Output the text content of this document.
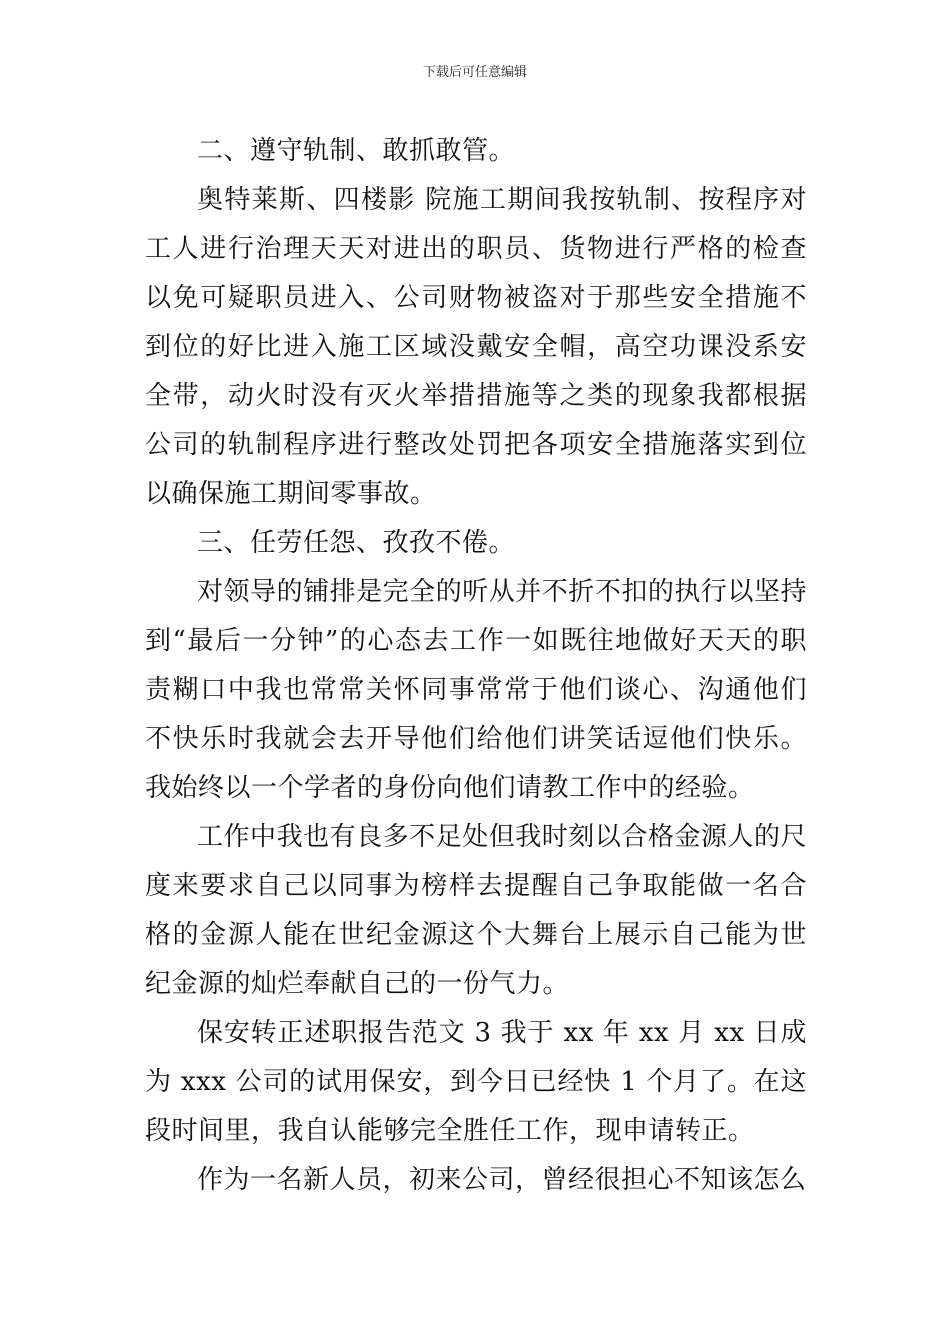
下载后可任意编辑

二、遵守轨制、敢抓敢管。

奥特莱斯、四楼影 院施工期间我按轨制、按程序对工人进行治理天天对进出的职员、货物进行严格的检查以免可疑职员进入、公司财物被盗对于那些安全措施不到位的好比进入施工区域没戴安全帽，高空功课没系安全带，动火时没有灭火举措措施等之类的现象我都根据公司的轨制程序进行整改处罚把各项安全措施落实到位以确保施工期间零事故。

三、任劳任怨、孜孜不倦。

对领导的铺排是完全的听从并不折不扣的执行以坚持到“最后一分钟”的心态去工作一如既往地做好天天的职责糊口中我也常常关怀同事常常于他们谈心、沟通他们不快乐时我就会去开导他们给他们讲笑话逗他们快乐。我始终以一个学者的身份向他们请教工作中的经验。

工作中我也有良多不足处但我时刻以合格金源人的尺度来要求自己以同事为榜样去提醒自己争取能做一名合格的金源人能在世纪金源这个大舞台上展示自己能为世纪金源的灿烂奉献自己的一份气力。

保安转正述职报告范文 3 我于 xx 年 xx 月 xx 日成为 xxx 公司的试用保安，到今日已经快 1 个月了。在这段时间里，我自认能够完全胜任工作，现申请转正。

作为一名新人员，初来公司，曾经很担心不知该怎么
